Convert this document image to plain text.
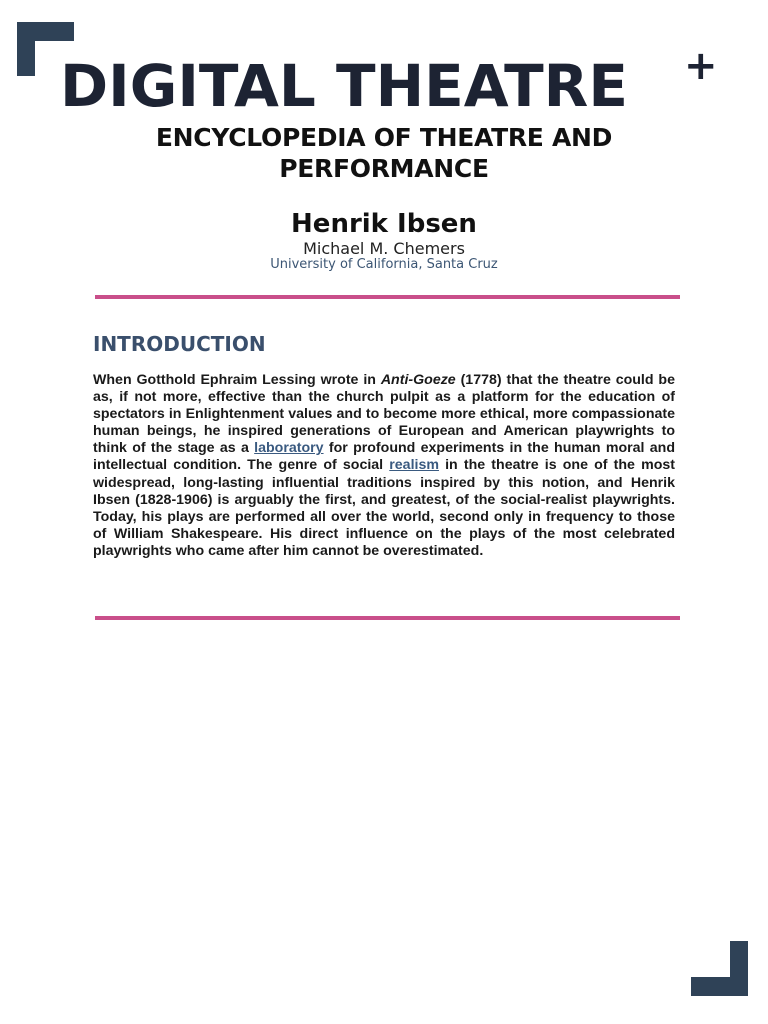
DIGITAL THEATRE	+
ENCYCLOPEDIA OF THEATRE AND PERFORMANCE
Henrik Ibsen
Michael M. Chemers
University of California, Santa Cruz
INTRODUCTION
When Gotthold Ephraim Lessing wrote in Anti-Goeze (1778) that the theatre could be as, if not more, effective than the church pulpit as a platform for the education of spectators in Enlightenment values and to become more ethical, more compassionate human beings, he inspired generations of European and American playwrights to think of the stage as a laboratory for profound experiments in the human moral and intellectual condition. The genre of social realism in the theatre is one of the most widespread, long-lasting influential traditions inspired by this notion, and Henrik Ibsen (1828-1906) is arguably the first, and greatest, of the social-realist playwrights. Today, his plays are performed all over the world, second only in frequency to those of William Shakespeare. His direct influence on the plays of the most celebrated playwrights who came after him cannot be overestimated.
